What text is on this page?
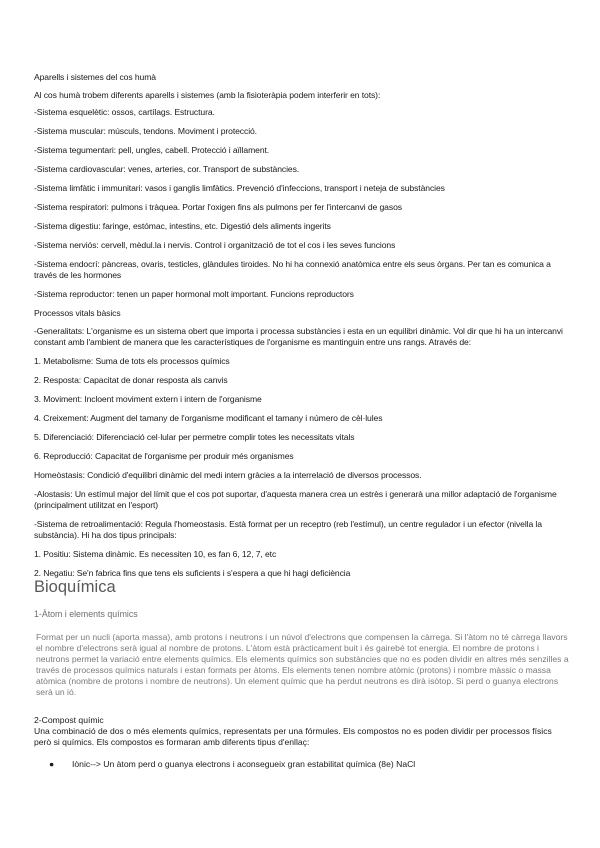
Aparells i sistemes del cos humà

Al cos humà trobem diferents aparells i sistemes (amb la fisioteràpia podem interferir en tots):

-Sistema esquelètic: ossos, cartílags. Estructura.

-Sistema muscular: músculs, tendons. Moviment i protecció.

-Sistema tegumentari: pell, ungles, cabell. Protecció i aïllament.

-Sistema cardiovascular: venes, arteries, cor. Transport de substàncies.

-Sistema limfàtic i immunitari: vasos i ganglis limfàtics. Prevenció d'infeccions, transport i neteja de substàncies

-Sistema respiratori: pulmons i tràquea. Portar l'oxigen fins als pulmons per fer l'intercanvi de gasos

-Sistema digestiu: faringe, estómac, intestins, etc. Digestió dels aliments ingerits

-Sistema nerviós: cervell, mèdul.la i nervis. Control i organització de tot el cos i les seves funcions

-Sistema endocrí: pàncreas, ovaris, testicles, glàndules tiroides. No hi ha connexió anatòmica entre els seus òrgans. Per tan es comunica a través de les hormones

-Sistema reproductor: tenen un paper hormonal molt important. Funcions reproductors

Processos vitals bàsics

-Generalitats: L'organisme es un sistema obert que importa i processa substàncies i esta en un equilibri dinàmic. Vol dir que hi ha un intercanvi constant amb l'ambient de manera que les característiques de l'organisme es mantinguin entre uns rangs. Através de:

1. Metabolisme: Suma de tots els processos químics

2. Resposta: Capacitat de donar resposta als canvis

3. Moviment: Incloent moviment extern i intern de l'organisme

4. Creixement: Augment del tamany de l'organisme modificant el tamany i número de cèl·lules

5. Diferenciació: Diferenciació cel·lular per permetre complir totes les necessitats vitals

6. Reproducció: Capacitat de l'organisme per produir més organismes

Homeòstasis: Condició d'equilibri dinàmic del medi intern gràcies a la interrelació de diversos processos.

-Alostasis: Un estímul major del límit que el cos pot suportar, d'aquesta manera crea un estrès i generarà una millor adaptació de l'organisme (principalment utilitzat en l'esport)

-Sistema de retroalimentació: Regula l'homeostasis. Està format per un receptro (reb l'estímul), un centre regulador i un efector (nivella la substància). Hi ha dos tipus principals:

1. Positiu: Sistema dinàmic. Es necessiten 10, es fan 6, 12, 7, etc

2. Negatiu: Se'n fabrica fins que tens els suficients i s'espera a que hi hagi deficiència

Bioquímica

1-Àtom i elements químics

Format per un nucli (aporta massa), amb protons i neutrons i un núvol d'electrons que compensen la càrrega. Si l'àtom no té càrrega llavors el nombre d'electrons serà igual al nombre de protons. L'àtom està pràcticament buit i és gairebé tot energia. El nombre de protons i neutrons permet la variació entre elements químics. Els elements químics son substàncies que no es poden dividir en altres més senzilles a través de processos químics naturals i estan formats per àtoms. Els elements tenen nombre atòmic (protons) i nombre màssic o massa atòmica (nombre de protons i nombre de neutrons). Un element químic que ha perdut neutrons es dirà isòtop. Si perd o guanya electrons serà un ió.

2-Compost químic

Una combinació de dos o més elements químics, representats per una fórmules. Els compostos no es poden dividir per processos físics però si químics. Els compostos es formaran amb diferents tipus d'enllaç:

● Iònic--> Un àtom perd o guanya electrons i aconsegueix gran estabilitat química (8e) NaCl
